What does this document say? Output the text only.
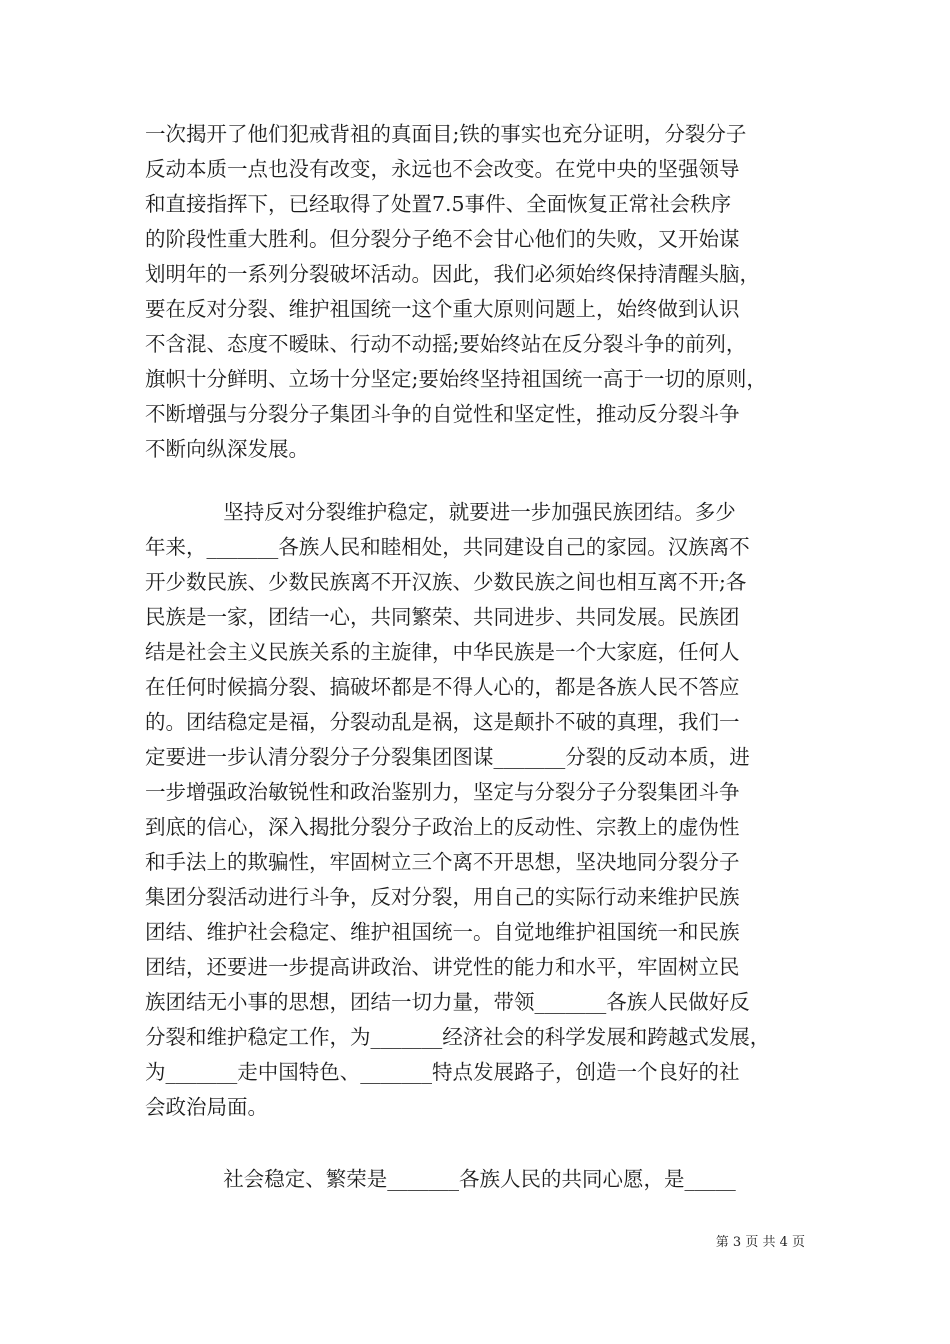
一次揭开了他们犯戒背祖的真面目;铁的事实也充分证明，分裂分子
反动本质一点也没有改变，永远也不会改变。在党中央的坚强领导
和直接指挥下，已经取得了处置7.5事件、全面恢复正常社会秩序
的阶段性重大胜利。但分裂分子绝不会甘心他们的失败，又开始谋
划明年的一系列分裂破坏活动。因此，我们必须始终保持清醒头脑，
要在反对分裂、维护祖国统一这个重大原则问题上，始终做到认识
不含混、态度不暧昧、行动不动摇;要始终站在反分裂斗争的前列，
旗帜十分鲜明、立场十分坚定;要始终坚持祖国统一高于一切的原则，
不断增强与分裂分子集团斗争的自觉性和坚定性，推动反分裂斗争
不断向纵深发展。
坚持反对分裂维护稳定，就要进一步加强民族团结。多少
年来，_______各族人民和睦相处，共同建设自己的家园。汉族离不
开少数民族、少数民族离不开汉族、少数民族之间也相互离不开;各
民族是一家，团结一心，共同繁荣、共同进步、共同发展。民族团
结是社会主义民族关系的主旋律，中华民族是一个大家庭，任何人
在任何时候搞分裂、搞破坏都是不得人心的，都是各族人民不答应
的。团结稳定是福，分裂动乱是祸，这是颠扑不破的真理，我们一
定要进一步认清分裂分子分裂集团图谋_______分裂的反动本质，进
一步增强政治敏锐性和政治鉴别力，坚定与分裂分子分裂集团斗争
到底的信心，深入揭批分裂分子政治上的反动性、宗教上的虚伪性
和手法上的欺骗性，牢固树立三个离不开思想，坚决地同分裂分子
集团分裂活动进行斗争，反对分裂，用自己的实际行动来维护民族
团结、维护社会稳定、维护祖国统一。自觉地维护祖国统一和民族
团结，还要进一步提高讲政治、讲党性的能力和水平，牢固树立民
族团结无小事的思想，团结一切力量，带领_______各族人民做好反
分裂和维护稳定工作，为_______经济社会的科学发展和跨越式发展，
为_______走中国特色、_______特点发展路子，创造一个良好的社
会政治局面。
社会稳定、繁荣是_______各族人民的共同心愿，是_____
第 3 页 共 4 页
